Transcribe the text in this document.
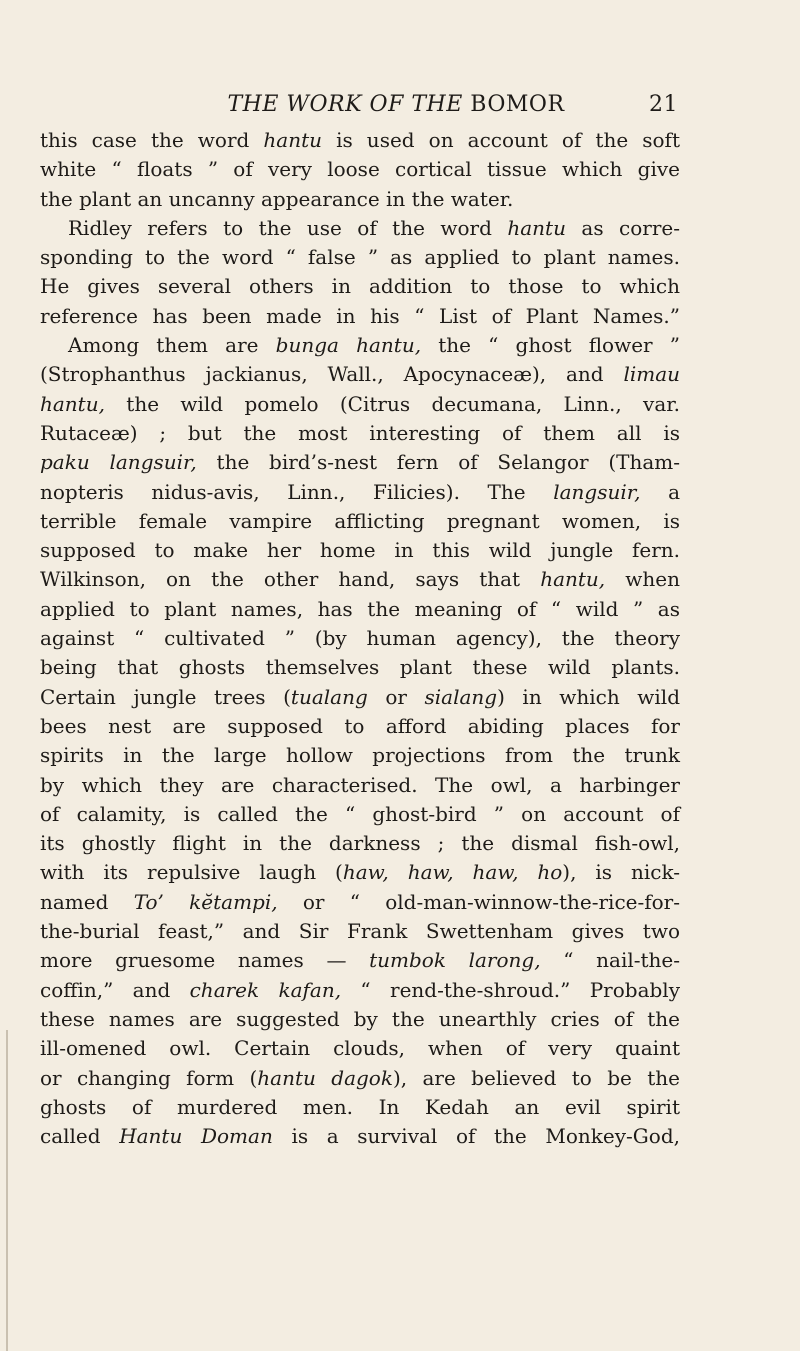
THE WORK OF THE BOMOR	21
this case the word hantu is used on account of the soft
white “ floats ” of very loose cortical tissue which give
the plant an uncanny appearance in the water.
Ridley refers to the use of the word hantu as corre-
sponding to the word “ false ” as applied to plant names.
He gives several others in addition to those to which
reference has been made in his “ List of Plant Names.”
Among them are bunga hantu, the “ ghost flower ”
(Strophanthus jackianus, Wall., Apocynaceæ), and limau
hantu, the wild pomelo (Citrus decumana, Linn., var.
Rutaceæ) ; but the most interesting of them all is
paku langsuir, the bird’s-nest fern of Selangor (Tham-
nopteris nidus-avis, Linn., Filicies). The langsuir, a
terrible female vampire afflicting pregnant women, is
supposed to make her home in this wild jungle fern.
Wilkinson, on the other hand, says that hantu, when
applied to plant names, has the meaning of “ wild ” as
against “ cultivated ” (by human agency), the theory
being that ghosts themselves plant these wild plants.
Certain jungle trees (tualang or sialang) in which wild
bees nest are supposed to afford abiding places for
spirits in the large hollow projections from the trunk
by which they are characterised. The owl, a harbinger
of calamity, is called the “ ghost-bird ” on account of
its ghostly flight in the darkness ; the dismal fish-owl,
with its repulsive laugh (haw, haw, haw, ho), is nick-
named To’ kĕtampi, or “ old-man-winnow-the-rice-for-
the-burial feast,” and Sir Frank Swettenham gives two
more gruesome names — tumbok larong, “ nail-the-
coffin,” and charek kafan, “ rend-the-shroud.” Probably
these names are suggested by the unearthly cries of the
ill-omened owl. Certain clouds, when of very quaint
or changing form (hantu dagok), are believed to be the
ghosts of murdered men. In Kedah an evil spirit
called Hantu Doman is a survival of the Monkey-God,
